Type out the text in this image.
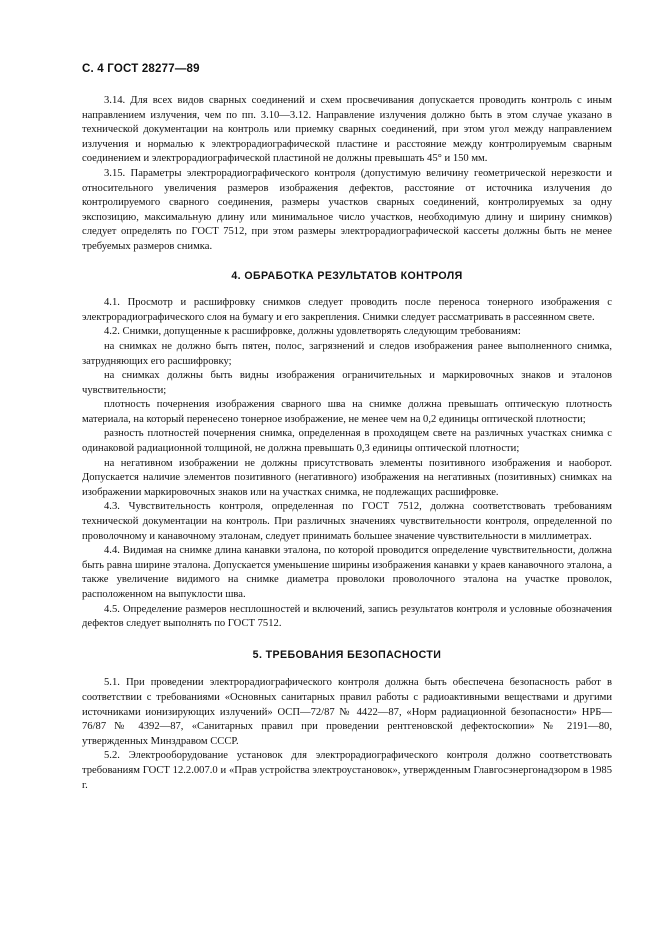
С. 4 ГОСТ 28277—89

3.14. Для всех видов сварных соединений и схем просвечивания допускается проводить контроль с иным направлением излучения, чем по пп. 3.10—3.12. Направление излучения должно быть в этом случае указано в технической документации на контроль или приемку сварных соединений, при этом угол между направлением излучения и нормалью к электрорадиографической пластине и расстояние между контролируемым сварным соединением и электрорадиографической пластиной не должны превышать 45° и 150 мм.

3.15. Параметры электрорадиографического контроля (допустимую величину геометрической нерезкости и относительного увеличения размеров изображения дефектов, расстояние от источника излучения до контролируемого сварного соединения, размеры участков сварных соединений, контролируемых за одну экспозицию, максимальную длину или минимальное число участков, необходимую длину и ширину снимков) следует определять по ГОСТ 7512, при этом размеры электрорадиографической кассеты должны быть не менее требуемых размеров снимка.

4. ОБРАБОТКА РЕЗУЛЬТАТОВ КОНТРОЛЯ

4.1. Просмотр и расшифровку снимков следует проводить после переноса тонерного изображения с электрорадиографического слоя на бумагу и его закрепления. Снимки следует рассматривать в рассеянном свете.

4.2. Снимки, допущенные к расшифровке, должны удовлетворять следующим требованиям:

на снимках не должно быть пятен, полос, загрязнений и следов изображения ранее выполненного снимка, затрудняющих его расшифровку;

на снимках должны быть видны изображения ограничительных и маркировочных знаков и эталонов чувствительности;

плотность почернения изображения сварного шва на снимке должна превышать оптическую плотность материала, на который перенесено тонерное изображение, не менее чем на 0,2 единицы оптической плотности;

разность плотностей почернения снимка, определенная в проходящем свете на различных участках снимка с одинаковой радиационной толщиной, не должна превышать 0,3 единицы оптической плотности;

на негативном изображении не должны присутствовать элементы позитивного изображения и наоборот. Допускается наличие элементов позитивного (негативного) изображения на негативных (позитивных) снимках на изображении маркировочных знаков или на участках снимка, не подлежащих расшифровке.

4.3. Чувствительность контроля, определенная по ГОСТ 7512, должна соответствовать требованиям технической документации на контроль. При различных значениях чувствительности контроля, определенной по проволочному и канавочному эталонам, следует принимать большее значение чувствительности в миллиметрах.

4.4. Видимая на снимке длина канавки эталона, по которой проводится определение чувствительности, должна быть равна ширине эталона. Допускается уменьшение ширины изображения канавки у краев канавочного эталона, а также увеличение видимого на снимке диаметра проволоки проволочного эталона на участке проволок, расположенном на выпуклости шва.

4.5. Определение размеров несплошностей и включений, запись результатов контроля и условные обозначения дефектов следует выполнять по ГОСТ 7512.

5. ТРЕБОВАНИЯ БЕЗОПАСНОСТИ

5.1. При проведении электрорадиографического контроля должна быть обеспечена безопасность работ в соответствии с требованиями «Основных санитарных правил работы с радиоактивными веществами и другими источниками ионизирующих излучений» ОСП—72/87 № 4422—87, «Норм радиационной безопасности» НРБ—76/87 № 4392—87, «Санитарных правил при проведении рентгеновской дефектоскопии» № 2191—80, утвержденных Минздравом СССР.

5.2. Электрооборудование установок для электрорадиографического контроля должно соответствовать требованиям ГОСТ 12.2.007.0 и «Прав устройства электроустановок», утвержденным Главгосэнергонадзором в 1985 г.
